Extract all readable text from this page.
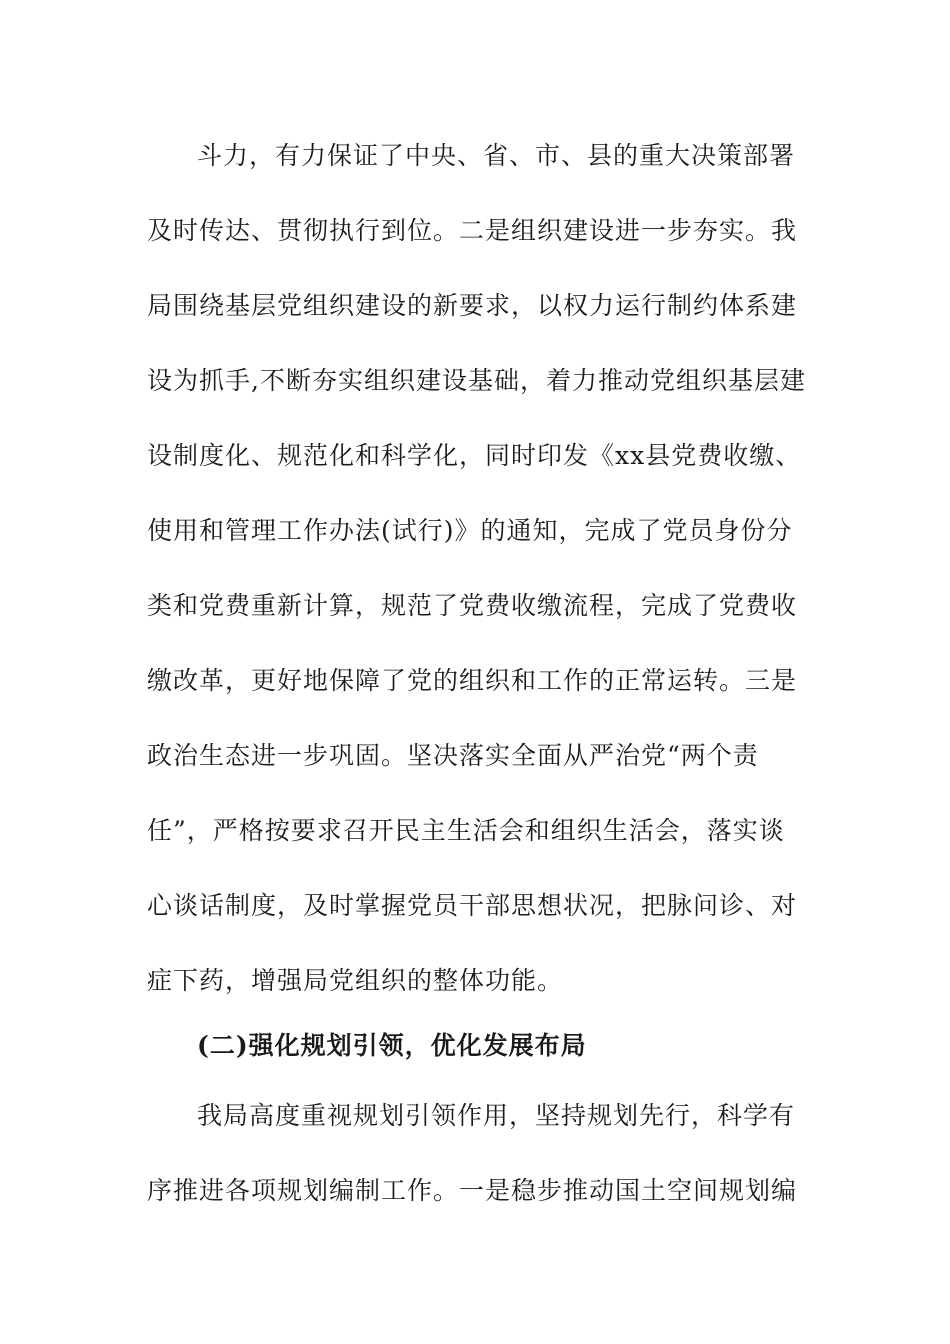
斗力，有力保证了中央、省、市、县的重大决策部署
及时传达、贯彻执行到位。二是组织建设进一步夯实。我
局围绕基层党组织建设的新要求，以权力运行制约体系建
设为抓手,不断夯实组织建设基础，着力推动党组织基层建
设制度化、规范化和科学化，同时印发《xx县党费收缴、
使用和管理工作办法(试行)》的通知，完成了党员身份分
类和党费重新计算，规范了党费收缴流程，完成了党费收
缴改革，更好地保障了党的组织和工作的正常运转。三是
政治生态进一步巩固。坚决落实全面从严治党“两个责
任”，严格按要求召开民主生活会和组织生活会，落实谈
心谈话制度，及时掌握党员干部思想状况，把脉问诊、对
症下药，增强局党组织的整体功能。
(二)强化规划引领，优化发展布局
我局高度重视规划引领作用，坚持规划先行，科学有
序推进各项规划编制工作。一是稳步推动国土空间规划编
